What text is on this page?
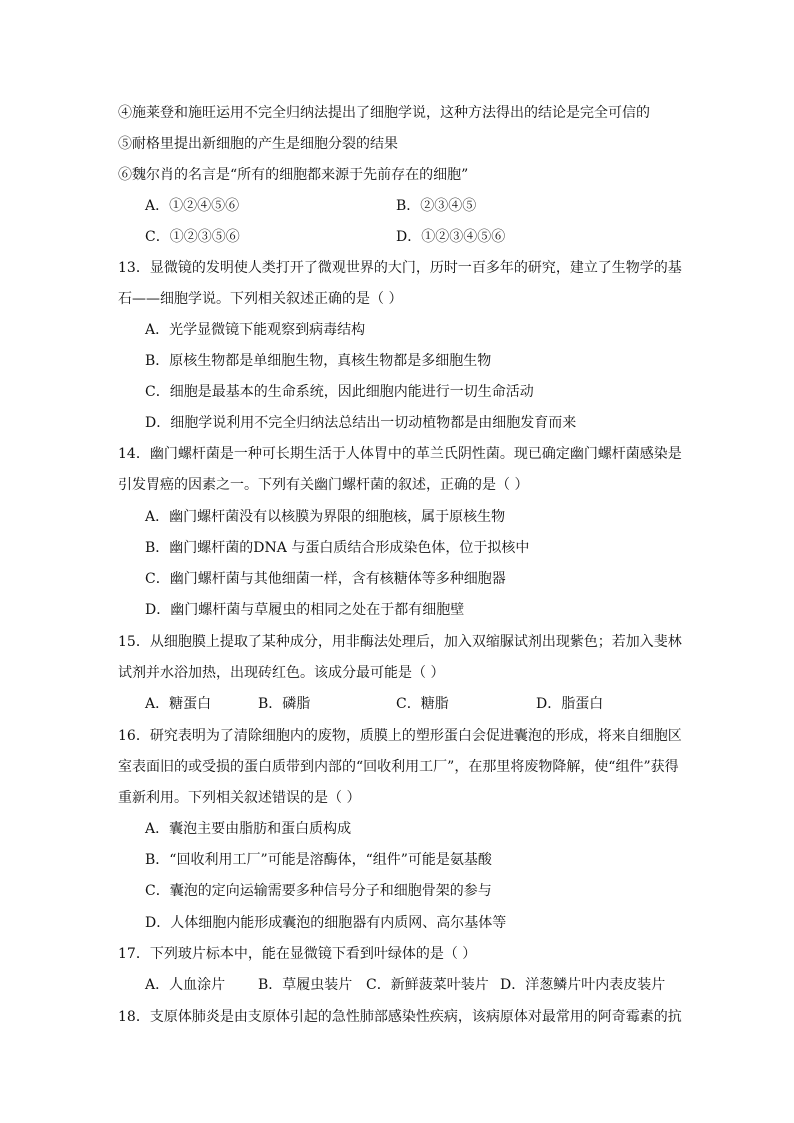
④施莱登和施旺运用不完全归纳法提出了细胞学说，这种方法得出的结论是完全可信的
⑤耐格里提出新细胞的产生是细胞分裂的结果
⑥魏尔肖的名言是“所有的细胞都来源于先前存在的细胞”
A．①②④⑤⑥	B．②③④⑤
C．①②③⑤⑥	D．①②③④⑤⑥
13．显微镜的发明使人类打开了微观世界的大门，历时一百多年的研究，建立了生物学的基
石——细胞学说。下列相关叙述正确的是（ ）
A．光学显微镜下能观察到病毒结构
B．原核生物都是单细胞生物，真核生物都是多细胞生物
C．细胞是最基本的生命系统，因此细胞内能进行一切生命活动
D．细胞学说利用不完全归纳法总结出一切动植物都是由细胞发育而来
14．幽门螺杆菌是一种可长期生活于人体胃中的革兰氏阴性菌。现已确定幽门螺杆菌感染是
引发胃癌的因素之一。下列有关幽门螺杆菌的叙述，正确的是（ ）
A．幽门螺杆菌没有以核膜为界限的细胞核，属于原核生物
B．幽门螺杆菌的DNA 与蛋白质结合形成染色体，位于拟核中
C．幽门螺杆菌与其他细菌一样，含有核糖体等多种细胞器
D．幽门螺杆菌与草履虫的相同之处在于都有细胞壁
15．从细胞膜上提取了某种成分，用非酶法处理后，加入双缩脲试剂出现紫色；若加入斐林
试剂并水浴加热，出现砖红色。该成分最可能是（ ）
A．糖蛋白	B．磷脂	C．糖脂	D．脂蛋白
16．研究表明为了清除细胞内的废物，质膜上的塑形蛋白会促进囊泡的形成，将来自细胞区
室表面旧的或受损的蛋白质带到内部的“回收利用工厂”，在那里将废物降解，使“组件”获得
重新利用。下列相关叙述错误的是（ ）
A．囊泡主要由脂肪和蛋白质构成
B．“回收利用工厂”可能是溶酶体，“组件”可能是氨基酸
C．囊泡的定向运输需要多种信号分子和细胞骨架的参与
D．人体细胞内能形成囊泡的细胞器有内质网、高尔基体等
17．下列玻片标本中，能在显微镜下看到叶绿体的是（ ）
A．人血涂片 B．草履虫装片 C．新鲜菠菜叶装片 D．洋葱鳞片叶内表皮装片
18．支原体肺炎是由支原体引起的急性肺部感染性疾病，该病原体对最常用的阿奇霉素的抗
